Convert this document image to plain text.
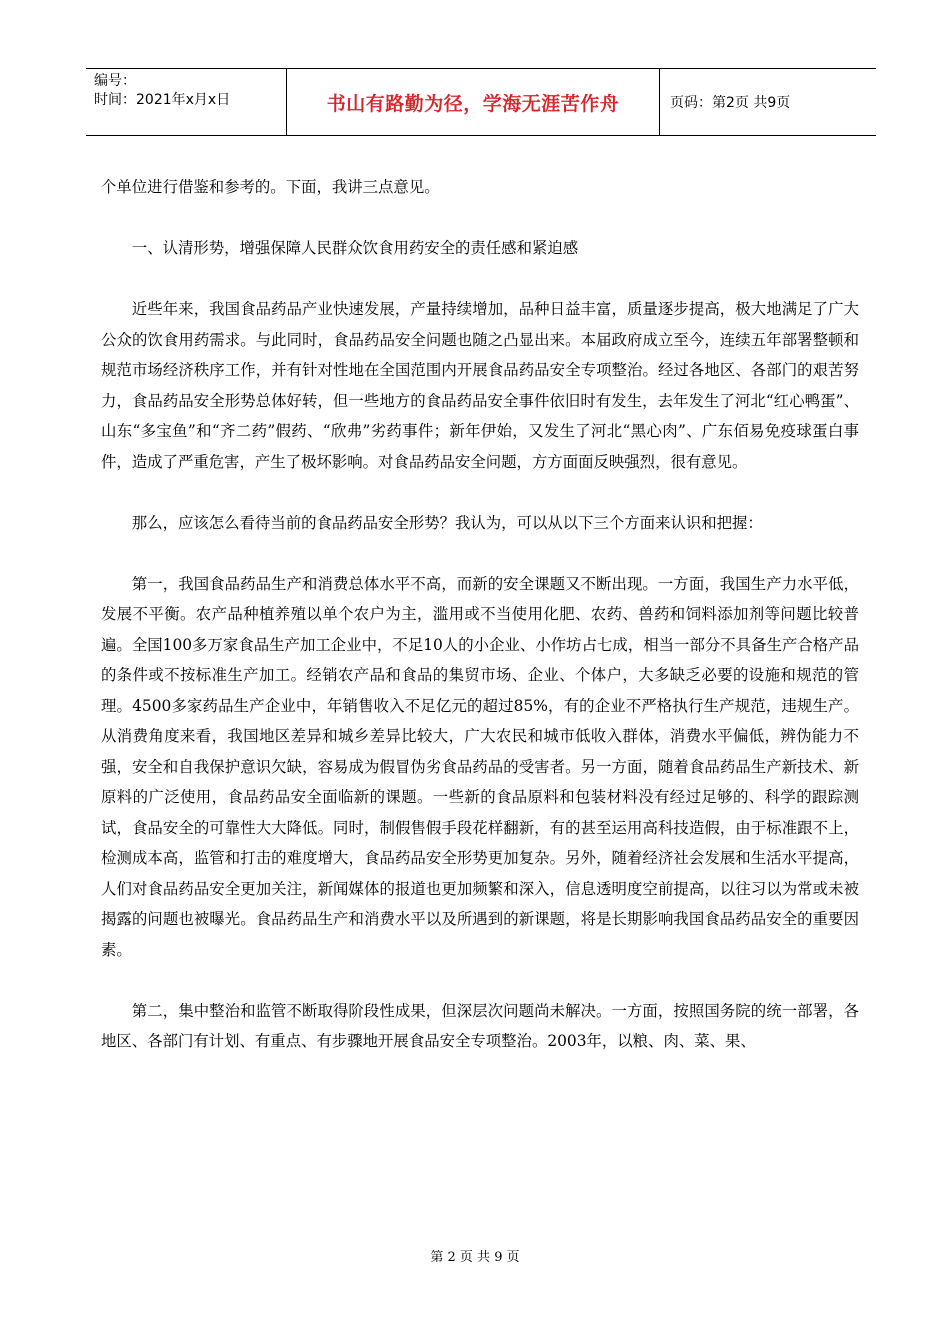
编号：
时间：2021年x月x日	书山有路勤为径，学海无涯苦作舟	页码：第2页 共9页

个单位进行借鉴和参考的。下面，我讲三点意见。

一、认清形势，增强保障人民群众饮食用药安全的责任感和紧迫感

近些年来，我国食品药品产业快速发展，产量持续增加，品种日益丰富，质量逐步提高，极大地满足了广大公众的饮食用药需求。与此同时，食品药品安全问题也随之凸显出来。本届政府成立至今，连续五年部署整顿和规范市场经济秩序工作，并有针对性地在全国范围内开展食品药品安全专项整治。经过各地区、各部门的艰苦努力，食品药品安全形势总体好转，但一些地方的食品药品安全事件依旧时有发生，去年发生了河北“红心鸭蛋”、山东“多宝鱼”和“齐二药”假药、“欣弗”劣药事件；新年伊始，又发生了河北“黑心肉”、广东佰易免疫球蛋白事件，造成了严重危害，产生了极坏影响。对食品药品安全问题，方方面面反映强烈，很有意见。

那么，应该怎么看待当前的食品药品安全形势？我认为，可以从以下三个方面来认识和把握：

第一，我国食品药品生产和消费总体水平不高，而新的安全课题又不断出现。一方面，我国生产力水平低，发展不平衡。农产品种植养殖以单个农户为主，滥用或不当使用化肥、农药、兽药和饲料添加剂等问题比较普遍。全国100多万家食品生产加工企业中，不足10人的小企业、小作坊占七成，相当一部分不具备生产合格产品的条件或不按标准生产加工。经销农产品和食品的集贸市场、企业、个体户，大多缺乏必要的设施和规范的管理。4500多家药品生产企业中，年销售收入不足亿元的超过85%，有的企业不严格执行生产规范，违规生产。从消费角度来看，我国地区差异和城乡差异比较大，广大农民和城市低收入群体，消费水平偏低，辨伪能力不强，安全和自我保护意识欠缺，容易成为假冒伪劣食品药品的受害者。另一方面，随着食品药品生产新技术、新原料的广泛使用，食品药品安全面临新的课题。一些新的食品原料和包装材料没有经过足够的、科学的跟踪测试，食品安全的可靠性大大降低。同时，制假售假手段花样翻新，有的甚至运用高科技造假，由于标准跟不上，检测成本高，监管和打击的难度增大，食品药品安全形势更加复杂。另外，随着经济社会发展和生活水平提高，人们对食品药品安全更加关注，新闻媒体的报道也更加频繁和深入，信息透明度空前提高，以往习以为常或未被揭露的问题也被曝光。食品药品生产和消费水平以及所遇到的新课题，将是长期影响我国食品药品安全的重要因素。

第二，集中整治和监管不断取得阶段性成果，但深层次问题尚未解决。一方面，按照国务院的统一部署，各地区、各部门有计划、有重点、有步骤地开展食品安全专项整治。2003年，以粮、肉、菜、果、

第 2 页 共 9 页
